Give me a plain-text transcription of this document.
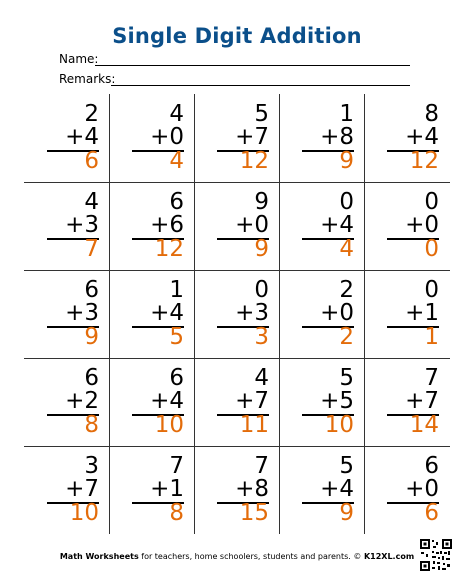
Single Digit Addition
Name:
Remarks:
2
+4
6
4
+0
4
5
+7
12
1
+8
9
8
+4
12
4
+3
7
6
+6
12
9
+0
9
0
+4
4
0
+0
0
6
+3
9
1
+4
5
0
+3
3
2
+0
2
0
+1
1
6
+2
8
6
+4
10
4
+7
11
5
+5
10
7
+7
14
3
+7
10
7
+1
8
7
+8
15
5
+4
9
6
+0
6
Math Worksheets for teachers, home schoolers, students and parents. © K12XL.com
